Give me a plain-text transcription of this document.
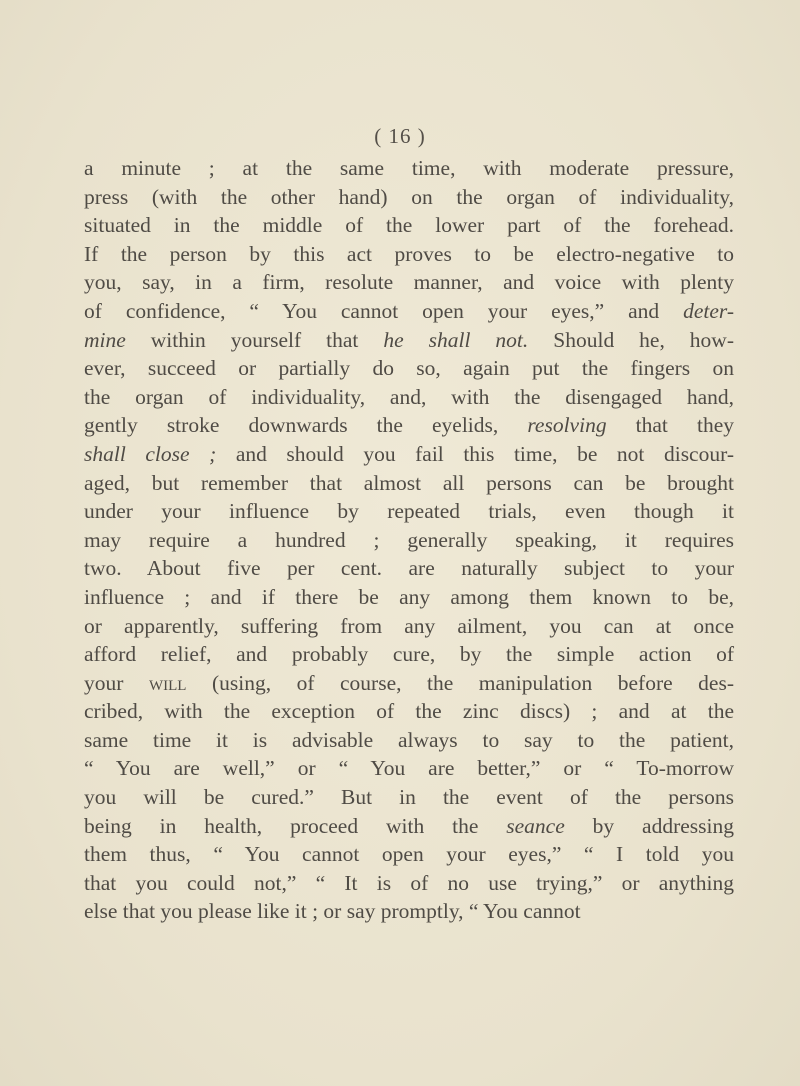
( 16 )
a minute ; at the same time, with moderate pressure,
press (with the other hand) on the organ of individuality,
situated in the middle of the lower part of the forehead.
If the person by this act proves to be electro-negative to
you, say, in a firm, resolute manner, and voice with plenty
of confidence, “ You cannot open your eyes,” and deter-
mine within yourself that he shall not. Should he, how-
ever, succeed or partially do so, again put the fingers on
the organ of individuality, and, with the disengaged hand,
gently stroke downwards the eyelids, resolving that they
shall close ; and should you fail this time, be not discour-
aged, but remember that almost all persons can be brought
under your influence by repeated trials, even though it
may require a hundred ; generally speaking, it requires
two. About five per cent. are naturally subject to your
influence ; and if there be any among them known to be,
or apparently, suffering from any ailment, you can at once
afford relief, and probably cure, by the simple action of
your will (using, of course, the manipulation before des-
cribed, with the exception of the zinc discs) ; and at the
same time it is advisable always to say to the patient,
“ You are well,” or “ You are better,” or “ To-morrow
you will be cured.” But in the event of the persons
being in health, proceed with the seance by addressing
them thus, “ You cannot open your eyes,” “ I told you
that you could not,” “ It is of no use trying,” or anything
else that you please like it ; or say promptly, “ You cannot
